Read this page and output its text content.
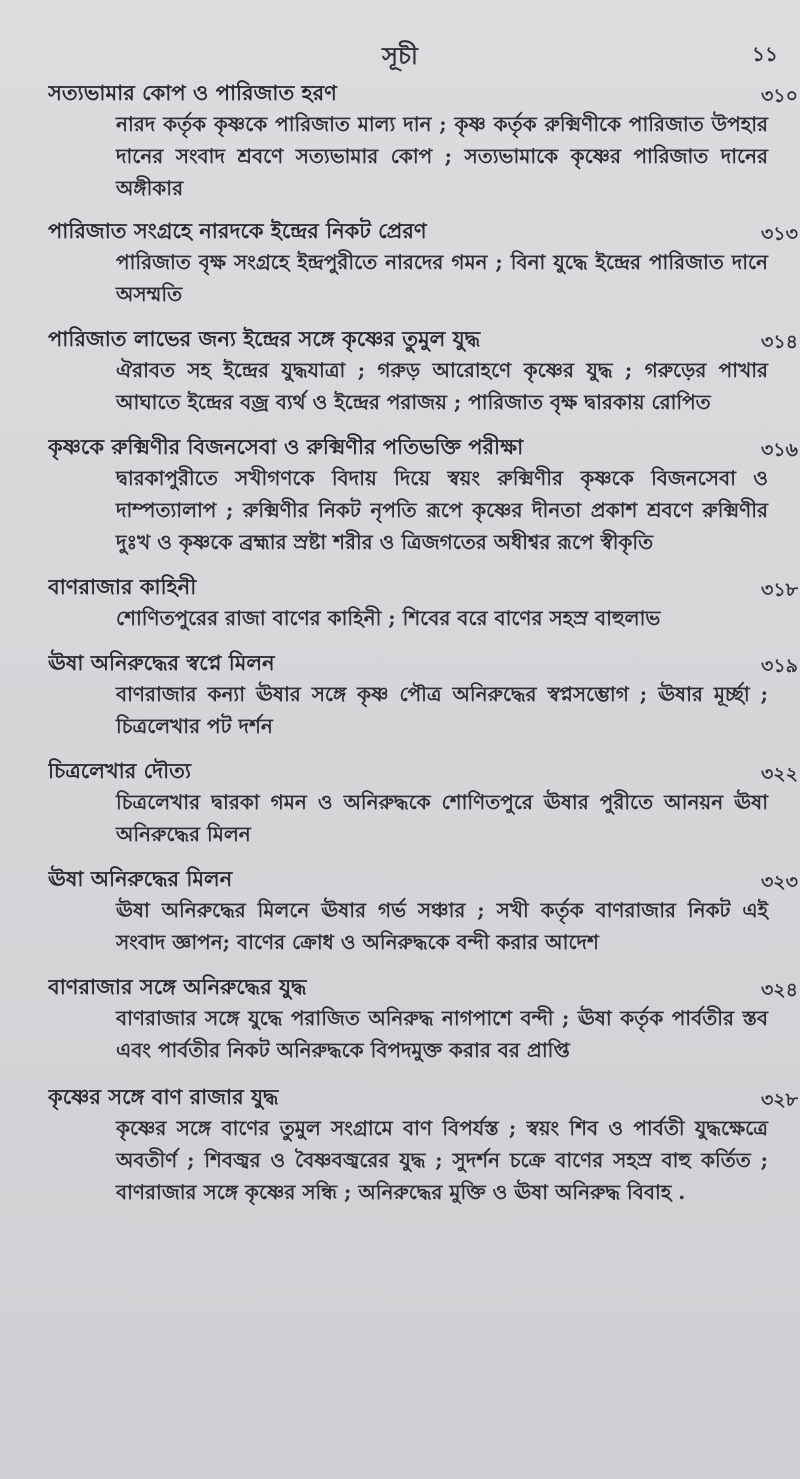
সূচী	১১
সত্যভামার কোপ ও পারিজাত হরণ	৩১০
নারদ কর্তৃক কৃষ্ণকে পারিজাত মাল্য দান ; কৃষ্ণ কর্তৃক রুক্মিণীকে পারিজাত উপহার দানের সংবাদ শ্রবণে সত্যভামার কোপ ; সত্যভামাকে কৃষ্ণের পারিজাত দানের অঙ্গীকার
পারিজাত সংগ্রহে নারদকে ইন্দ্রের নিকট প্রেরণ	৩১৩
পারিজাত বৃক্ষ সংগ্রহে ইন্দ্রপুরীতে নারদের গমন ; বিনা যুদ্ধে ইন্দ্রের পারিজাত দানে অসম্মতি
পারিজাত লাভের জন্য ইন্দ্রের সঙ্গে কৃষ্ণের তুমুল যুদ্ধ	৩১৪
ঐরাবত সহ ইন্দ্রের যুদ্ধযাত্রা ; গরুড় আরোহণে কৃষ্ণের যুদ্ধ ; গরুড়ের পাখার আঘাতে ইন্দ্রের বজ্র ব্যর্থ ও ইন্দ্রের পরাজয় ; পারিজাত বৃক্ষ দ্বারকায় রোপিত
কৃষ্ণকে রুক্মিণীর বিজনসেবা ও রুক্মিণীর পতিভক্তি পরীক্ষা	৩১৬
দ্বারকাপুরীতে সখীগণকে বিদায় দিয়ে স্বয়ং রুক্মিণীর কৃষ্ণকে বিজনসেবা ও দাম্পত্যালাপ ; রুক্মিণীর নিকট নৃপতি রূপে কৃষ্ণের দীনতা প্রকাশ শ্রবণে রুক্মিণীর দুঃখ ও কৃষ্ণকে ব্রহ্মার স্রষ্টা শরীর ও ত্রিজগতের অধীশ্বর রূপে স্বীকৃতি
বাণরাজার কাহিনী	৩১৮
শোণিতপুরের রাজা বাণের কাহিনী ; শিবের বরে বাণের সহস্র বাহুলাভ
ঊষা অনিরুদ্ধের স্বপ্নে মিলন	৩১৯
বাণরাজার কন্যা ঊষার সঙ্গে কৃষ্ণ পৌত্র অনিরুদ্ধের স্বপ্নসম্ভোগ ; ঊষার মূর্চ্ছা ; চিত্রলেখার পট দর্শন
চিত্রলেখার দৌত্য	৩২২
চিত্রলেখার দ্বারকা গমন ও অনিরুদ্ধকে শোণিতপুরে ঊষার পুরীতে আনয়ন ঊষা অনিরুদ্ধের মিলন
ঊষা অনিরুদ্ধের মিলন	৩২৩
ঊষা অনিরুদ্ধের মিলনে ঊষার গর্ভ সঞ্চার ; সখী কর্তৃক বাণরাজার নিকট এই সংবাদ জ্ঞাপন; বাণের ক্রোধ ও অনিরুদ্ধকে বন্দী করার আদেশ
বাণরাজার সঙ্গে অনিরুদ্ধের যুদ্ধ	৩২৪
বাণরাজার সঙ্গে যুদ্ধে পরাজিত অনিরুদ্ধ নাগপাশে বন্দী ; ঊষা কর্তৃক পার্বতীর স্তব এবং পার্বতীর নিকট অনিরুদ্ধকে বিপদমুক্ত করার বর প্রাপ্তি
কৃষ্ণের সঙ্গে বাণ রাজার যুদ্ধ	৩২৮
কৃষ্ণের সঙ্গে বাণের তুমুল সংগ্রামে বাণ বিপর্যস্ত ; স্বয়ং শিব ও পার্বতী যুদ্ধক্ষেত্রে অবতীর্ণ ; শিবজ্বর ও বৈষ্ণবজ্বরের যুদ্ধ ; সুদর্শন চক্রে বাণের সহস্র বাহু কর্তিত ; বাণরাজার সঙ্গে কৃষ্ণের সন্ধি ; অনিরুদ্ধের মুক্তি ও ঊষা অনিরুদ্ধ বিবাহ .
